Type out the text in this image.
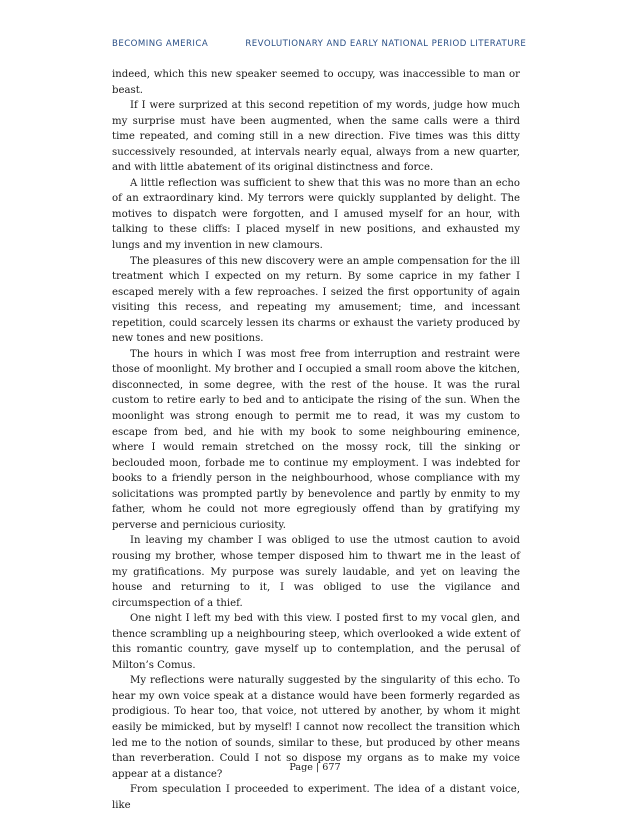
BECOMING AMERICA	REVOLUTIONARY AND EARLY NATIONAL PERIOD LITERATURE

indeed, which this new speaker seemed to occupy, was inaccessible to man or beast.

If I were surprized at this second repetition of my words, judge how much my surprise must have been augmented, when the same calls were a third time repeated, and coming still in a new direction. Five times was this ditty successively resounded, at intervals nearly equal, always from a new quarter, and with little abatement of its original distinctness and force.

A little reflection was sufficient to shew that this was no more than an echo of an extraordinary kind. My terrors were quickly supplanted by delight. The motives to dispatch were forgotten, and I amused myself for an hour, with talking to these cliffs: I placed myself in new positions, and exhausted my lungs and my invention in new clamours.

The pleasures of this new discovery were an ample compensation for the ill treatment which I expected on my return. By some caprice in my father I escaped merely with a few reproaches. I seized the first opportunity of again visiting this recess, and repeating my amusement; time, and incessant repetition, could scarcely lessen its charms or exhaust the variety produced by new tones and new positions.

The hours in which I was most free from interruption and restraint were those of moonlight. My brother and I occupied a small room above the kitchen, disconnected, in some degree, with the rest of the house. It was the rural custom to retire early to bed and to anticipate the rising of the sun. When the moonlight was strong enough to permit me to read, it was my custom to escape from bed, and hie with my book to some neighbouring eminence, where I would remain stretched on the mossy rock, till the sinking or beclouded moon, forbade me to continue my employment. I was indebted for books to a friendly person in the neighbourhood, whose compliance with my solicitations was prompted partly by benevolence and partly by enmity to my father, whom he could not more egregiously offend than by gratifying my perverse and pernicious curiosity.

In leaving my chamber I was obliged to use the utmost caution to avoid rousing my brother, whose temper disposed him to thwart me in the least of my gratifications. My purpose was surely laudable, and yet on leaving the house and returning to it, I was obliged to use the vigilance and circumspection of a thief.

One night I left my bed with this view. I posted first to my vocal glen, and thence scrambling up a neighbouring steep, which overlooked a wide extent of this romantic country, gave myself up to contemplation, and the perusal of Milton’s Comus.

My reflections were naturally suggested by the singularity of this echo. To hear my own voice speak at a distance would have been formerly regarded as prodigious. To hear too, that voice, not uttered by another, by whom it might easily be mimicked, but by myself! I cannot now recollect the transition which led me to the notion of sounds, similar to these, but produced by other means than reverberation. Could I not so dispose my organs as to make my voice appear at a distance?

From speculation I proceeded to experiment. The idea of a distant voice, like

Page | 677
